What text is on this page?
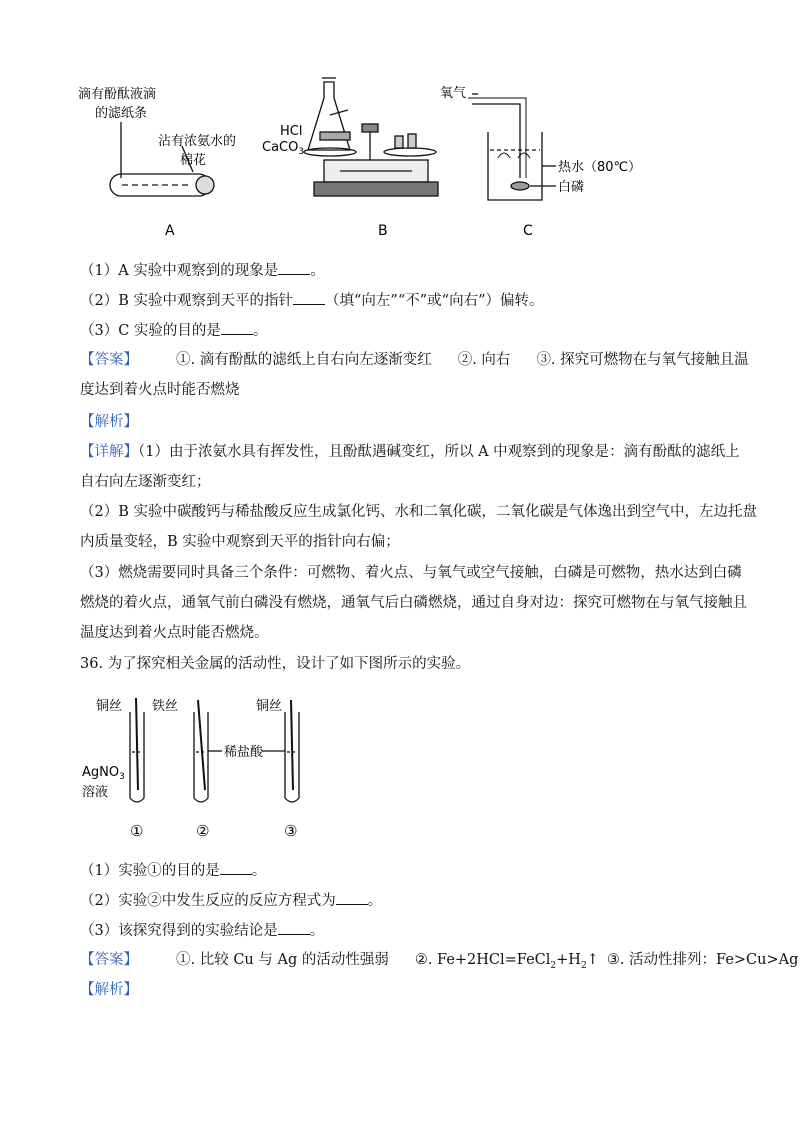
滴有酚酞液滴
的滤纸条
沾有浓氨水的
棉花
HCl
CaCO$_3$
氧气
热水（80℃）
白磷
A	B	C
（1）A 实验中观察到的现象是 。
（2）B 实验中观察到天平的指针 （填“向左”“不”或“向右”）偏转。
（3）C 实验的目的是 。
【答案】	①. 滴有酚酞的滤纸上自右向左逐渐变红 ②. 向右 ③. 探究可燃物在与氧气接触且温
度达到着火点时能否燃烧
【解析】
【详解】（1）由于浓氨水具有挥发性，且酚酞遇碱变红，所以 A 中观察到的现象是：滴有酚酞的滤纸上
自右向左逐渐变红；
（2）B 实验中碳酸钙与稀盐酸反应生成氯化钙、水和二氧化碳，二氧化碳是气体逸出到空气中，左边托盘
内质量变轻，B 实验中观察到天平的指针向右偏；
（3）燃烧需要同时具备三个条件：可燃物、着火点、与氧气或空气接触，白磷是可燃物，热水达到白磷
燃烧的着火点，通氧气前白磷没有燃烧，通氧气后白磷燃烧，通过自身对边：探究可燃物在与氧气接触且
温度达到着火点时能否燃烧。
36. 为了探究相关金属的活动性，设计了如下图所示的实验。
铜丝 铁丝	铜丝
AgNO$_3$
溶液
稀盐酸
①	②	③
（1）实验①的目的是 。
（2）实验②中发生反应的反应方程式为 。
（3）该探究得到的实验结论是 。
【答案】	①. 比较 Cu 与 Ag 的活动性强弱 ②. $Fe+2HCl=FeCl_2+H_2↑$ ③. 活动性排列：Fe>Cu>Ag
【解析】
